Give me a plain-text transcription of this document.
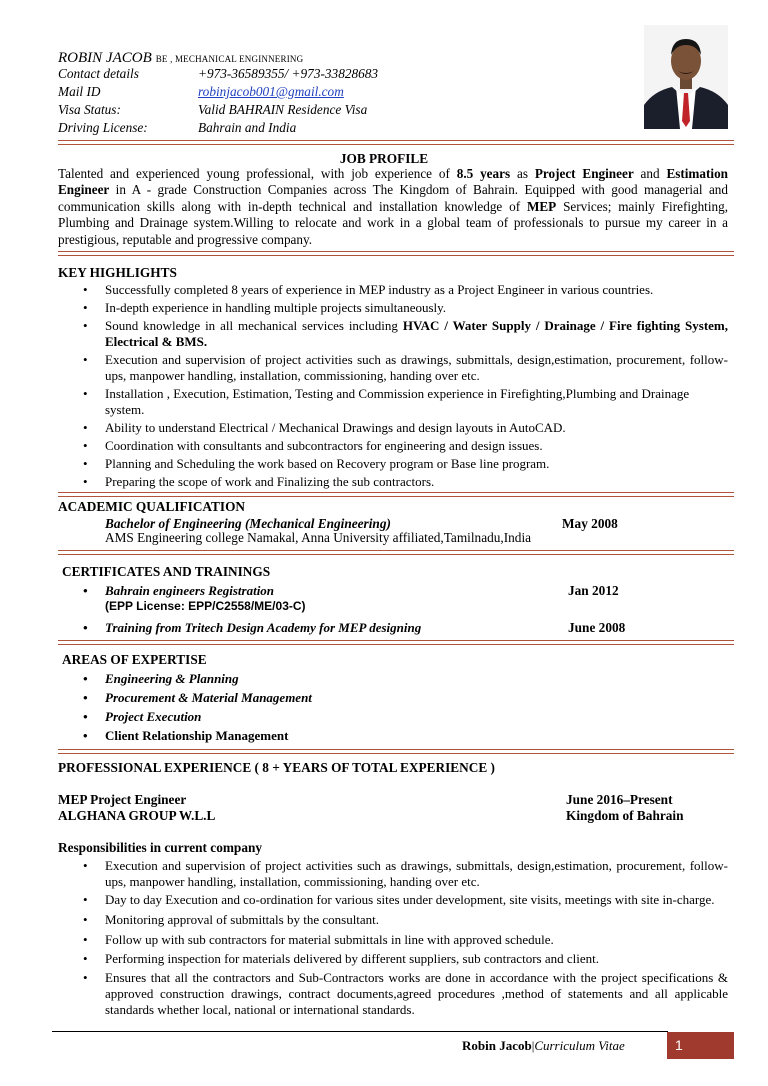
ROBIN JACOB BE , MECHANICAL ENGINNERING
Contact details	+973-36589355/ +973-33828683
Mail ID	robinjacob001@gmail.com
Visa Status:	Valid BAHRAIN Residence Visa
Driving License:	Bahrain and India
JOB PROFILE
Talented and experienced young professional, with job experience of 8.5 years as Project Engineer and Estimation Engineer in A - grade Construction Companies across The Kingdom of Bahrain. Equipped with good managerial and communication skills along with in-depth technical and installation knowledge of MEP Services; mainly Firefighting, Plumbing and Drainage system.Willing to relocate and work in a global team of professionals to pursue my career in a prestigious, reputable and progressive company.
KEY HIGHLIGHTS
• Successfully completed 8 years of experience in MEP industry as a Project Engineer in various countries.
• In-depth experience in handling multiple projects simultaneously.
• Sound knowledge in all mechanical services including HVAC / Water Supply / Drainage / Fire fighting System, Electrical & BMS.
• Execution and supervision of project activities such as drawings, submittals, design,estimation, procurement, follow-ups, manpower handling, installation, commissioning, handing over etc.
• Installation , Execution, Estimation, Testing and Commission experience in Firefighting,Plumbing and Drainage system.
• Ability to understand Electrical / Mechanical Drawings and design layouts in AutoCAD.
• Coordination with consultants and subcontractors for engineering and design issues.
• Planning and Scheduling the work based on Recovery program or Base line program.
• Preparing the scope of work and Finalizing the sub contractors.
ACADEMIC QUALIFICATION
Bachelor of Engineering (Mechanical Engineering)	May 2008
AMS Engineering college Namakal, Anna University affiliated,Tamilnadu,India
CERTIFICATES AND TRAININGS
• Bahrain engineers Registration	Jan 2012
(EPP License: EPP/C2558/ME/03-C)
• Training from Tritech Design Academy for MEP designing	June 2008
AREAS OF EXPERTISE
• Engineering & Planning
• Procurement & Material Management
• Project Execution
• Client Relationship Management
PROFESSIONAL EXPERIENCE ( 8 + YEARS OF TOTAL EXPERIENCE )
MEP Project Engineer	June 2016–Present
ALGHANA GROUP W.L.L	Kingdom of Bahrain
Responsibilities in current company
• Execution and supervision of project activities such as drawings, submittals, design,estimation, procurement, follow-ups, manpower handling, installation, commissioning, handing over etc.
• Day to day Execution and co-ordination for various sites under development, site visits, meetings with site in-charge.
• Monitoring approval of submittals by the consultant.
• Follow up with sub contractors for material submittals in line with approved schedule.
• Performing inspection for materials delivered by different suppliers, sub contractors and client.
• Ensures that all the contractors and Sub-Contractors works are done in accordance with the project specifications & approved construction drawings, contract documents,agreed procedures ,method of statements and all applicable standards whether local, national or international standards.
Robin Jacob|Curriculum Vitae	1
